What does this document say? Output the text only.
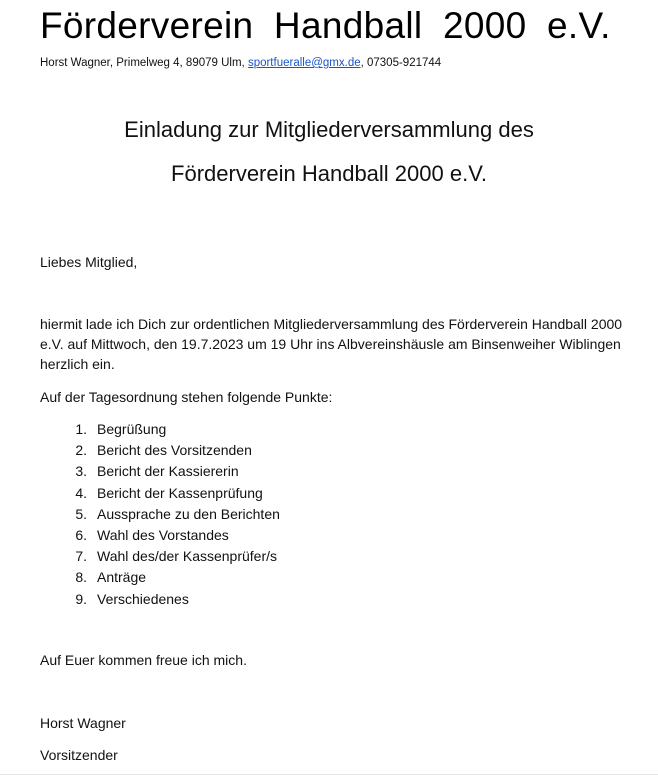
Förderverein Handball 2000 e.V.
Horst Wagner, Primelweg 4, 89079 Ulm, sportfueralle@gmx.de, 07305-921744
Einladung zur Mitgliederversammlung des
Förderverein Handball 2000 e.V.
Liebes Mitglied,
hiermit lade ich Dich zur ordentlichen Mitgliederversammlung des Förderverein Handball 2000 e.V. auf Mittwoch, den 19.7.2023 um 19 Uhr ins Albvereinshäusle am Binsenweiher Wiblingen herzlich ein.
Auf der Tagesordnung stehen folgende Punkte:
1. Begrüßung
2. Bericht des Vorsitzenden
3. Bericht der Kassiererin
4. Bericht der Kassenprüfung
5. Aussprache zu den Berichten
6. Wahl des Vorstandes
7. Wahl des/der Kassenprüfer/s
8. Anträge
9. Verschiedenes
Auf Euer kommen freue ich mich.
Horst Wagner
Vorsitzender
